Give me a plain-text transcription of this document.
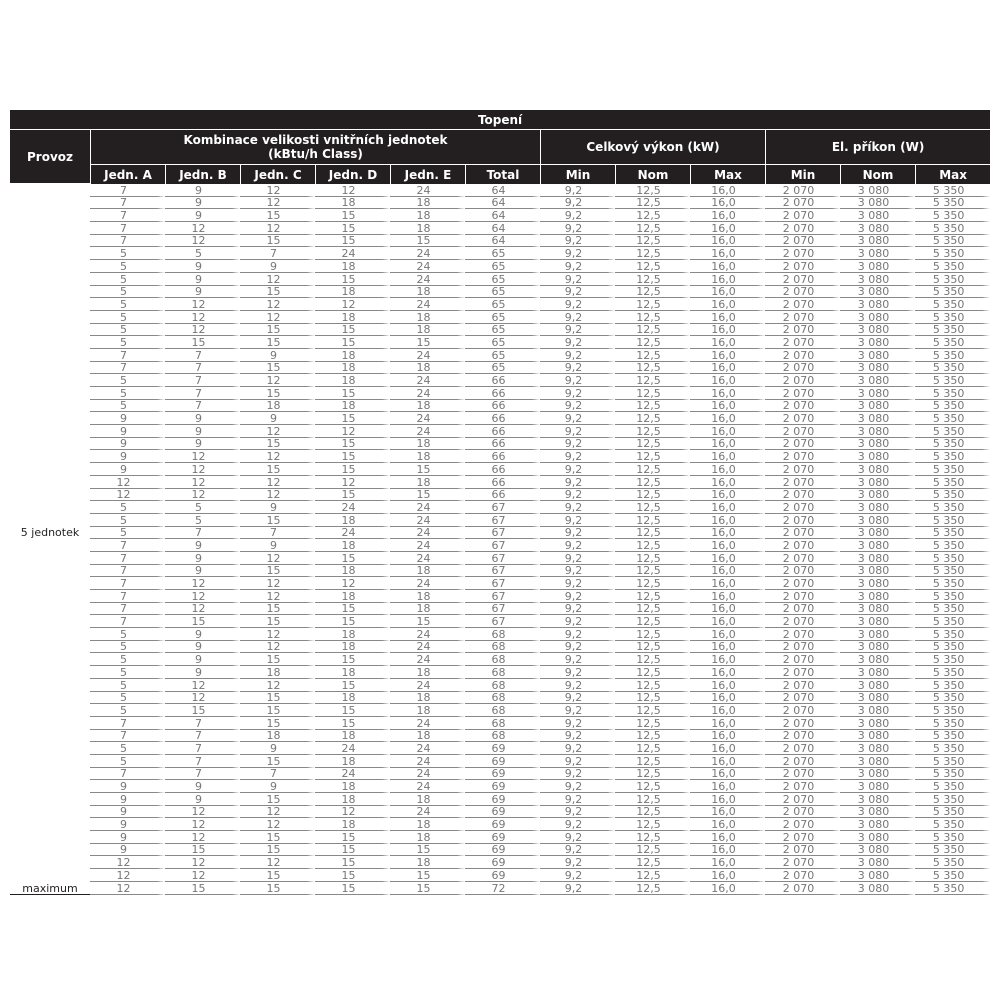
Topení												
Provoz	Kombinace velikosti vnitřních jednotek
(kBtu/h Class)						Celkový výkon (kW)			El. příkon (W)		
	Jedn. A	Jedn. B	Jedn. C	Jedn. D	Jedn. E	Total	Min	Nom	Max	Min	Nom	Max
5 jednotek	7	9	12	12	24	64	9,2	12,5	16,0	2 070	3 080	5 350
	7	9	12	18	18	64	9,2	12,5	16,0	2 070	3 080	5 350
	7	9	15	15	18	64	9,2	12,5	16,0	2 070	3 080	5 350
	7	12	12	15	18	64	9,2	12,5	16,0	2 070	3 080	5 350
	7	12	15	15	15	64	9,2	12,5	16,0	2 070	3 080	5 350
	5	5	7	24	24	65	9,2	12,5	16,0	2 070	3 080	5 350
	5	9	9	18	24	65	9,2	12,5	16,0	2 070	3 080	5 350
	5	9	12	15	24	65	9,2	12,5	16,0	2 070	3 080	5 350
	5	9	15	18	18	65	9,2	12,5	16,0	2 070	3 080	5 350
	5	12	12	12	24	65	9,2	12,5	16,0	2 070	3 080	5 350
	5	12	12	18	18	65	9,2	12,5	16,0	2 070	3 080	5 350
	5	12	15	15	18	65	9,2	12,5	16,0	2 070	3 080	5 350
	5	15	15	15	15	65	9,2	12,5	16,0	2 070	3 080	5 350
	7	7	9	18	24	65	9,2	12,5	16,0	2 070	3 080	5 350
	7	7	15	18	18	65	9,2	12,5	16,0	2 070	3 080	5 350
	5	7	12	18	24	66	9,2	12,5	16,0	2 070	3 080	5 350
	5	7	15	15	24	66	9,2	12,5	16,0	2 070	3 080	5 350
	5	7	18	18	18	66	9,2	12,5	16,0	2 070	3 080	5 350
	9	9	9	15	24	66	9,2	12,5	16,0	2 070	3 080	5 350
	9	9	12	12	24	66	9,2	12,5	16,0	2 070	3 080	5 350
	9	9	15	15	18	66	9,2	12,5	16,0	2 070	3 080	5 350
	9	12	12	15	18	66	9,2	12,5	16,0	2 070	3 080	5 350
	9	12	15	15	15	66	9,2	12,5	16,0	2 070	3 080	5 350
	12	12	12	12	18	66	9,2	12,5	16,0	2 070	3 080	5 350
	12	12	12	15	15	66	9,2	12,5	16,0	2 070	3 080	5 350
	5	5	9	24	24	67	9,2	12,5	16,0	2 070	3 080	5 350
	5	5	15	18	24	67	9,2	12,5	16,0	2 070	3 080	5 350
	5	7	7	24	24	67	9,2	12,5	16,0	2 070	3 080	5 350
	7	9	9	18	24	67	9,2	12,5	16,0	2 070	3 080	5 350
	7	9	12	15	24	67	9,2	12,5	16,0	2 070	3 080	5 350
	7	9	15	18	18	67	9,2	12,5	16,0	2 070	3 080	5 350
	7	12	12	12	24	67	9,2	12,5	16,0	2 070	3 080	5 350
	7	12	12	18	18	67	9,2	12,5	16,0	2 070	3 080	5 350
	7	12	15	15	18	67	9,2	12,5	16,0	2 070	3 080	5 350
	7	15	15	15	15	67	9,2	12,5	16,0	2 070	3 080	5 350
	5	9	12	18	24	68	9,2	12,5	16,0	2 070	3 080	5 350
	5	9	12	18	24	68	9,2	12,5	16,0	2 070	3 080	5 350
	5	9	15	15	24	68	9,2	12,5	16,0	2 070	3 080	5 350
	5	9	18	18	18	68	9,2	12,5	16,0	2 070	3 080	5 350
	5	12	12	15	24	68	9,2	12,5	16,0	2 070	3 080	5 350
	5	12	15	18	18	68	9,2	12,5	16,0	2 070	3 080	5 350
	5	15	15	15	18	68	9,2	12,5	16,0	2 070	3 080	5 350
	7	7	15	15	24	68	9,2	12,5	16,0	2 070	3 080	5 350
	7	7	18	18	18	68	9,2	12,5	16,0	2 070	3 080	5 350
	5	7	9	24	24	69	9,2	12,5	16,0	2 070	3 080	5 350
	5	7	15	18	24	69	9,2	12,5	16,0	2 070	3 080	5 350
	7	7	7	24	24	69	9,2	12,5	16,0	2 070	3 080	5 350
	9	9	9	18	24	69	9,2	12,5	16,0	2 070	3 080	5 350
	9	9	15	18	18	69	9,2	12,5	16,0	2 070	3 080	5 350
	9	12	12	12	24	69	9,2	12,5	16,0	2 070	3 080	5 350
	9	12	12	18	18	69	9,2	12,5	16,0	2 070	3 080	5 350
	9	12	15	15	18	69	9,2	12,5	16,0	2 070	3 080	5 350
	9	15	15	15	15	69	9,2	12,5	16,0	2 070	3 080	5 350
	12	12	12	15	18	69	9,2	12,5	16,0	2 070	3 080	5 350
	12	12	15	15	15	69	9,2	12,5	16,0	2 070	3 080	5 350
maximum	12	15	15	15	15	72	9,2	12,5	16,0	2 070	3 080	5 350
